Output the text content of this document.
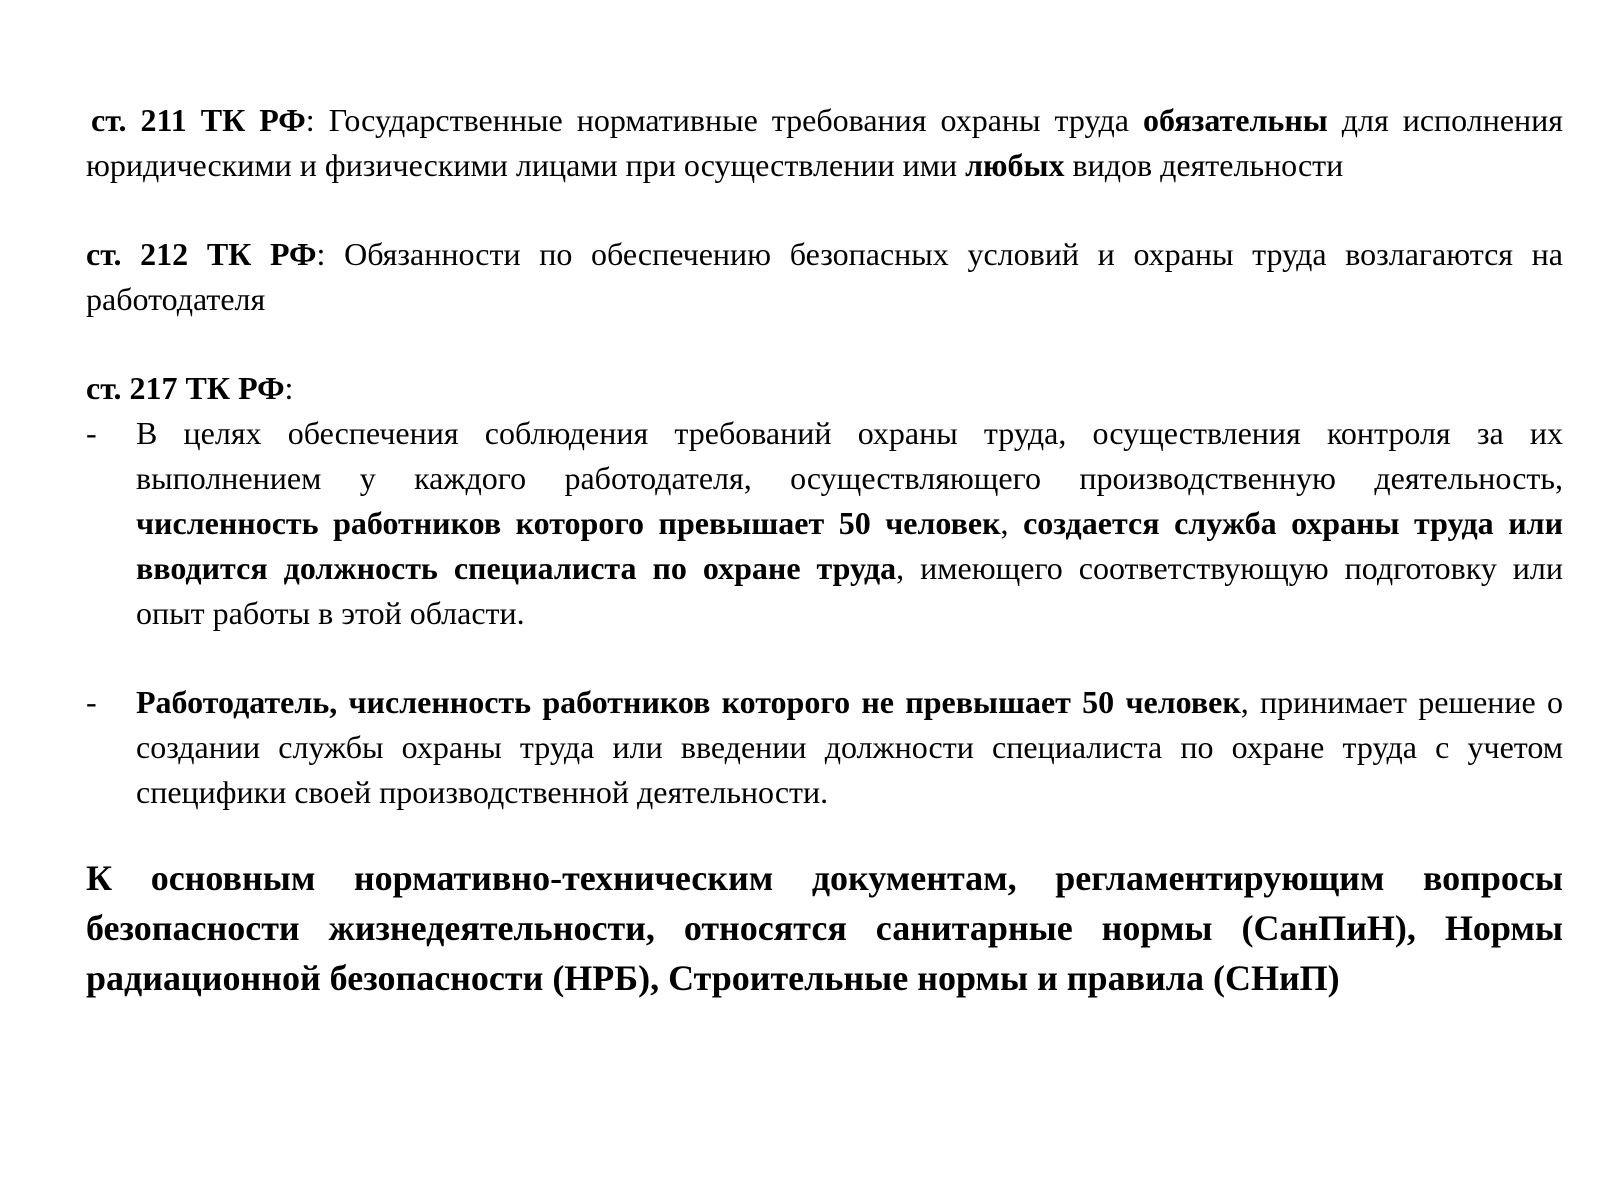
ст. 211 ТК РФ: Государственные нормативные требования охраны труда обязательны для исполнения юридическими и физическими лицами при осуществлении ими любых видов деятельности

ст. 212 ТК РФ: Обязанности по обеспечению безопасных условий и охраны труда возлагаются на работодателя

ст. 217 ТК РФ:

- В целях обеспечения соблюдения требований охраны труда, осуществления контроля за их выполнением у каждого работодателя, осуществляющего производственную деятельность, численность работников которого превышает 50 человек, создается служба охраны труда или вводится должность специалиста по охране труда, имеющего соответствующую подготовку или опыт работы в этой области.
- Работодатель, численность работников которого не превышает 50 человек, принимает решение о создании службы охраны труда или введении должности специалиста по охране труда с учетом специфики своей производственной деятельности.

К основным нормативно-техническим документам, регламентирующим вопросы безопасности жизнедеятельности, относятся санитарные нормы (СанПиН), Нормы радиационной безопасности (НРБ), Строительные нормы и правила (СНиП)
